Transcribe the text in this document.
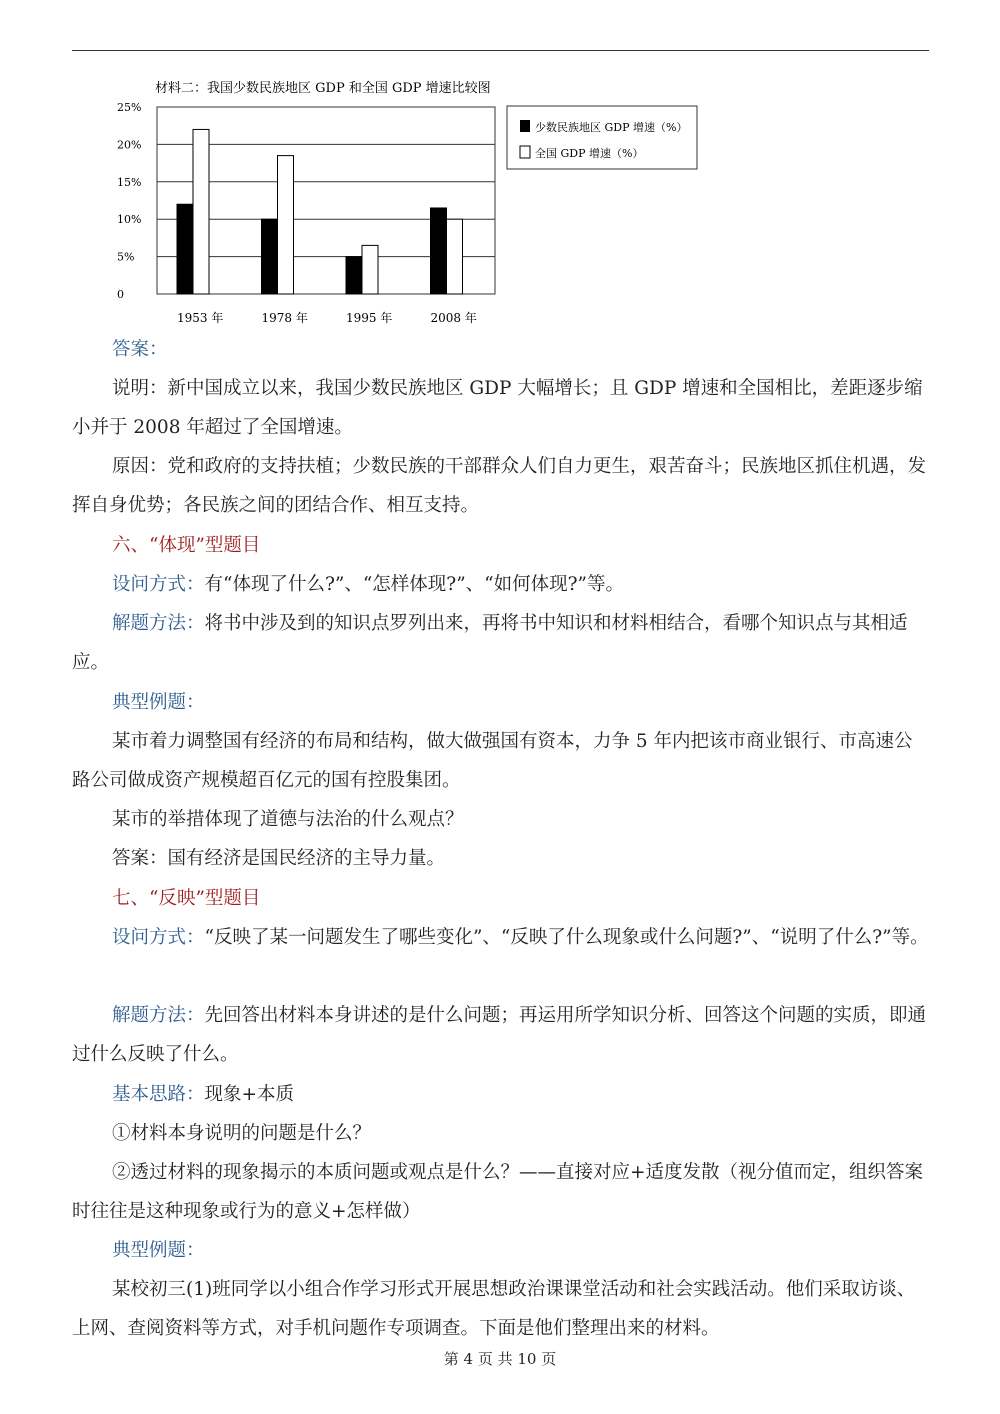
材料二：我国少数民族地区 GDP 和全国 GDP 增速比较图
0
5%
10%
15%
20%
25%
1953 年	1978 年	1995 年	2008 年
少数民族地区 GDP 增速（%）
全国 GDP 增速（%）
答案：
说明：新中国成立以来，我国少数民族地区 GDP 大幅增长；且 GDP 增速和全国相比，差距逐步缩小并于 2008 年超过了全国增速。
原因：党和政府的支持扶植；少数民族的干部群众人们自力更生，艰苦奋斗；民族地区抓住机遇，发挥自身优势；各民族之间的团结合作、相互支持。
六、“体现”型题目
设问方式：有“体现了什么?”、“怎样体现?”、“如何体现?”等。
解题方法：将书中涉及到的知识点罗列出来，再将书中知识和材料相结合，看哪个知识点与其相适应。
典型例题：
某市着力调整国有经济的布局和结构，做大做强国有资本，力争 5 年内把该市商业银行、市高速公路公司做成资产规模超百亿元的国有控股集团。
某市的举措体现了道德与法治的什么观点？
答案：国有经济是国民经济的主导力量。
七、“反映”型题目
设问方式：“反映了某一问题发生了哪些变化”、“反映了什么现象或什么问题?”、“说明了什么?”等。
解题方法：先回答出材料本身讲述的是什么问题；再运用所学知识分析、回答这个问题的实质，即通过什么反映了什么。
基本思路：现象+本质
①材料本身说明的问题是什么？
②透过材料的现象揭示的本质问题或观点是什么？——直接对应+适度发散（视分值而定，组织答案时往往是这种现象或行为的意义+怎样做）
典型例题：
某校初三(1)班同学以小组合作学习形式开展思想政治课课堂活动和社会实践活动。他们采取访谈、上网、查阅资料等方式，对手机问题作专项调查。下面是他们整理出来的材料。
第 4 页 共 10 页
